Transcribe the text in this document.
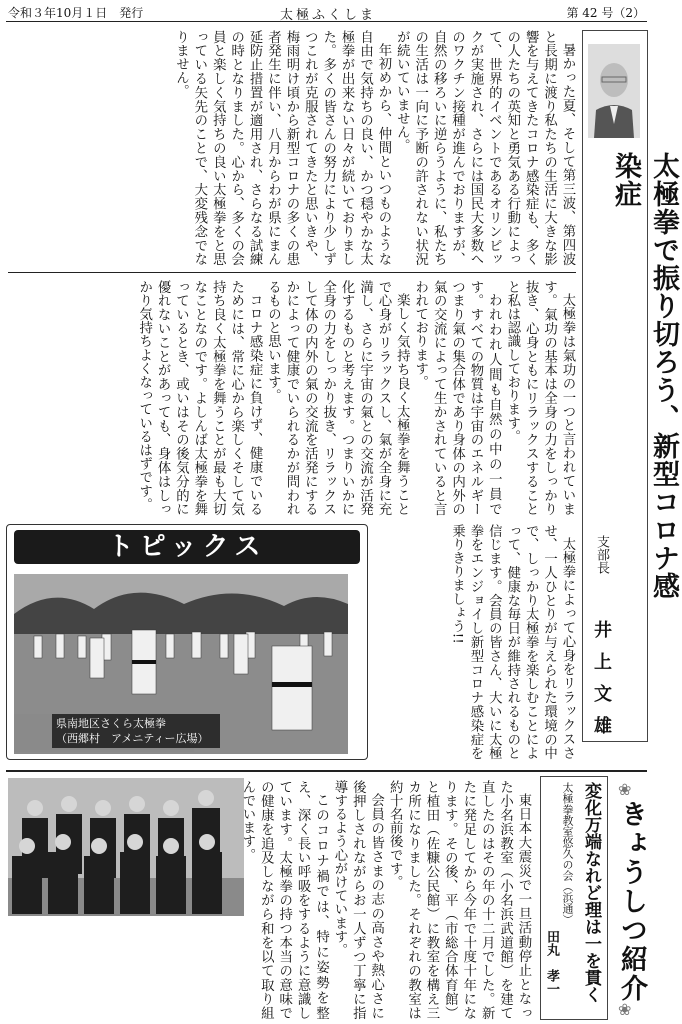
令和３年10月１日　発行	太極ふくしま	第 42 号（2）
太極拳で振り切ろう、新型コロナ感染症
支部長
井上文雄

暑かった夏、そして第三波、第四波と長期に渡り私たちの生活に大きな影響を与えてきたコロナ感染症も、多くの人たちの英知と勇気ある行動によって、世界的イベントであるオリンピックが実施され、さらには国民大多数へのワクチン接種が進んでおりますが、自然の移ろいに逆らうように、私たちの生活は一向に予断の許されない状況が続いていません。

年初めから、仲間といつものような自由で気持ちの良い、かつ穏やかな太極拳が出来ない日々が続いておりました。多くの皆さんの努力により少しずつこれが克服されてきたと思いきや、梅雨明け頃から新型コロナの多くの患者発生に伴い、八月からわが県にまん延防止措置が適用され、さらなる試練の時となりました。心から、多くの会員と楽しく気持ちの良い太極拳をと思っている矢先のことで、大変残念でなりません。

太極拳は氣功の一つと言われています。氣功の基本は全身の力をしっかり抜き、心身ともにリラックスすることと私は認識しております。

われわれ人間も自然の中の一員です。すべての物質は宇宙のエネルギーつまり氣の集合体であり身体の内外の氣の交流によって生かされていると言われております。

楽しく気持ち良く太極拳を舞うことで心身がリラックスし、氣が全身に充満し、さらに宇宙の氣との交流が活発化するものと考えます。つまりいかに全身の力をしっかり抜き、リラックスして体の内外の氣の交流を活発にするかによって健康でいられるかが問われるものと思います。

コロナ感染症に負けず、健康でいるためには、常に心から楽しくそして気持ち良く太極拳を舞うことが最も大切なことなのです。よしんば太極拳を舞っているとき、或いはその後気分的に優れないことがあっても、身体はしっかり気持ちよくなっているはずです。

太極拳によって心身をリラックスさせ、一人ひとりが与えられた環境の中で、しっかり太極拳を楽しむことによって、健康な毎日が維持されるものと信じます。会員の皆さん、大いに太極拳をエンジョイし新型コロナ感染症を乗りきりましょう!!

トピックス
県南地区さくら太極拳
（西郷村　アメニティー広場）

東日本大震災で一旦活動停止となった小名浜教室（小名浜武道館）を建て直したのはその年の十二月でした。新たに発足してから今年で十度十年になります。その後、平（市総合体育館）と植田（佐糠公民館）に教室を構え三カ所になりました。それぞれの教室は約十名前後です。

会員の皆さまの志の高さや熱心さに後押しされながらお一人ずつ丁寧に指導するよう心がけています。

このコロナ禍では、特に姿勢を整え、深く長い呼吸をするように意識しています。太極拳の持つ本当の意味での健康を追及しながら和を以て取り組んでいます。	変化万端なれど理は一を貫く
太極拳教室悠久の会（浜通）
田丸　孝一 きょうしつ紹介
❀
❀
